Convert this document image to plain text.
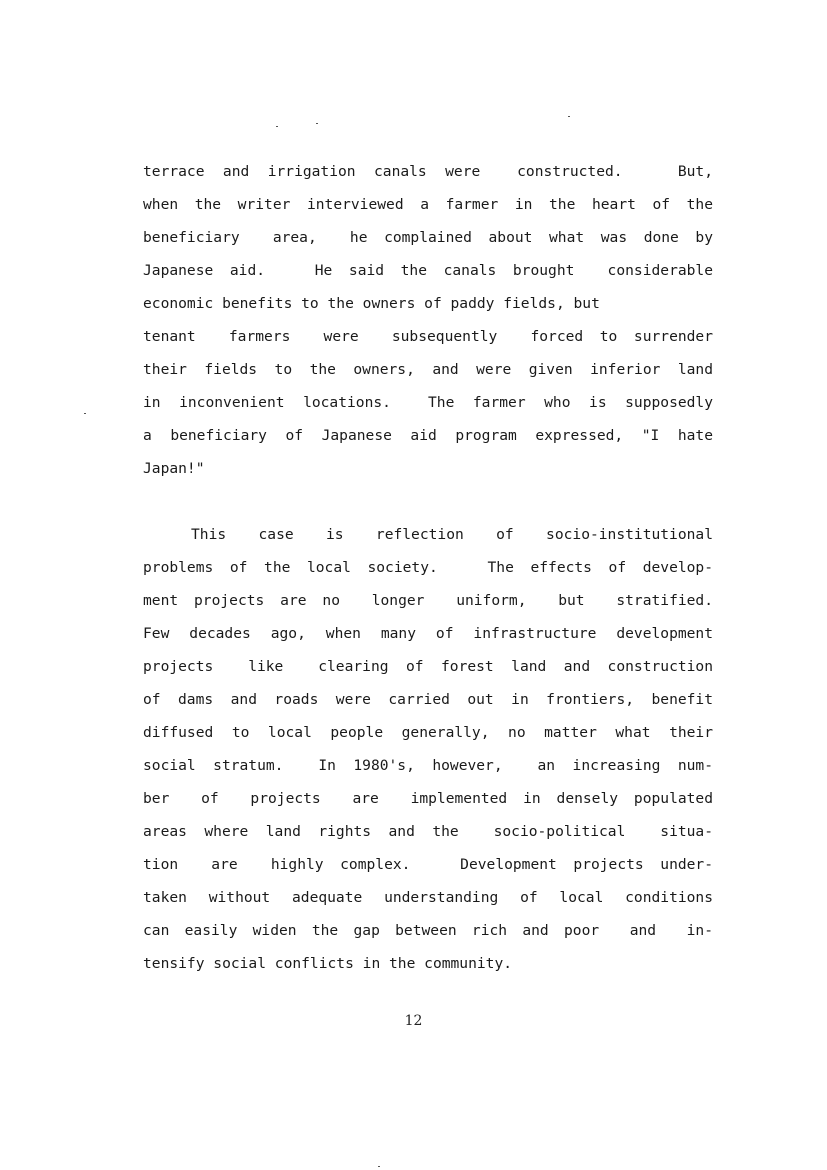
terrace and irrigation canals were  constructed.   But,
when the writer interviewed a farmer in the heart of the
beneficiary  area,  he complained about what was done by
Japanese aid.   He said the canals brought  considerable
economic benefits to the owners of paddy fields, but
tenant  farmers  were  subsequently  forced to surrender
their fields to the owners, and were given inferior land
in inconvenient locations.  The farmer who is supposedly
a beneficiary of Japanese aid program expressed, "I hate
Japan!"
This  case  is  reflection  of  socio-institutional
problems of the local society.   The effects of develop-
ment projects are no  longer  uniform,  but  stratified.
Few decades ago, when many of infrastructure development
projects  like  clearing of forest land and construction
of dams and roads were carried out in frontiers, benefit
diffused to local people generally, no matter what their
social stratum.  In 1980's, however,  an increasing num-
ber  of  projects  are  implemented in densely populated
areas where land rights and the  socio-political  situa-
tion  are  highly complex.   Development projects under-
taken without adequate understanding of local conditions
can easily widen the gap between rich and poor  and  in-
tensify social conflicts in the community.
12
